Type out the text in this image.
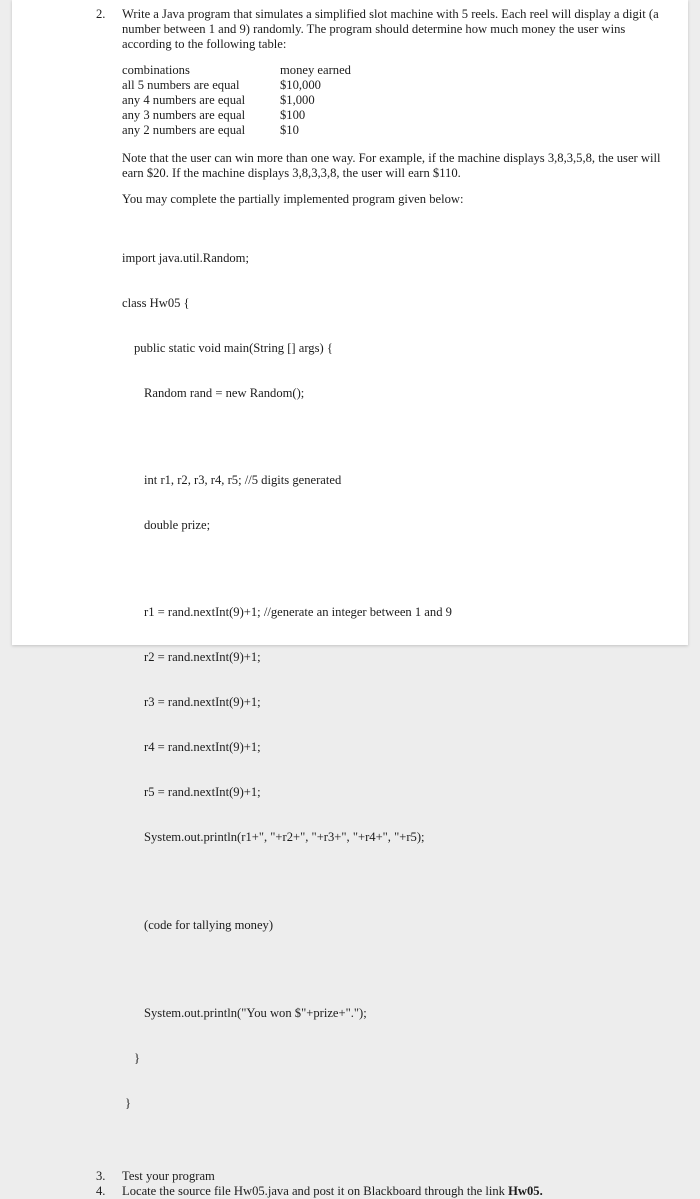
2. Write a Java program that simulates a simplified slot machine with 5 reels. Each reel will display a digit (a number between 1 and 9) randomly. The program should determine how much money the user wins according to the following table:

combinations	money earned
all 5 numbers are equal	$10,000
any 4 numbers are equal	$1,000
any 3 numbers are equal	$100
any 2 numbers are equal	$10

Note that the user can win more than one way. For example, if the machine displays 3,8,3,5,8, the user will earn $20. If the machine displays 3,8,3,3,8, the user will earn $110.

You may complete the partially implemented program given below:

import java.util.Random;

class Hw05 {

public static void main(String [] args) {

Random rand = new Random();

int r1, r2, r3, r4, r5; //5 digits generated

double prize;

r1 = rand.nextInt(9)+1; //generate an integer between 1 and 9

r2 = rand.nextInt(9)+1;

r3 = rand.nextInt(9)+1;

r4 = rand.nextInt(9)+1;

r5 = rand.nextInt(9)+1;

System.out.println(r1+", "+r2+", "+r3+", "+r4+", "+r5);

(code for tallying money)

System.out.println("You won $"+prize+".");

}

}

3. Test your program
4. Locate the source file Hw05.java and post it on Blackboard through the link Hw05.
